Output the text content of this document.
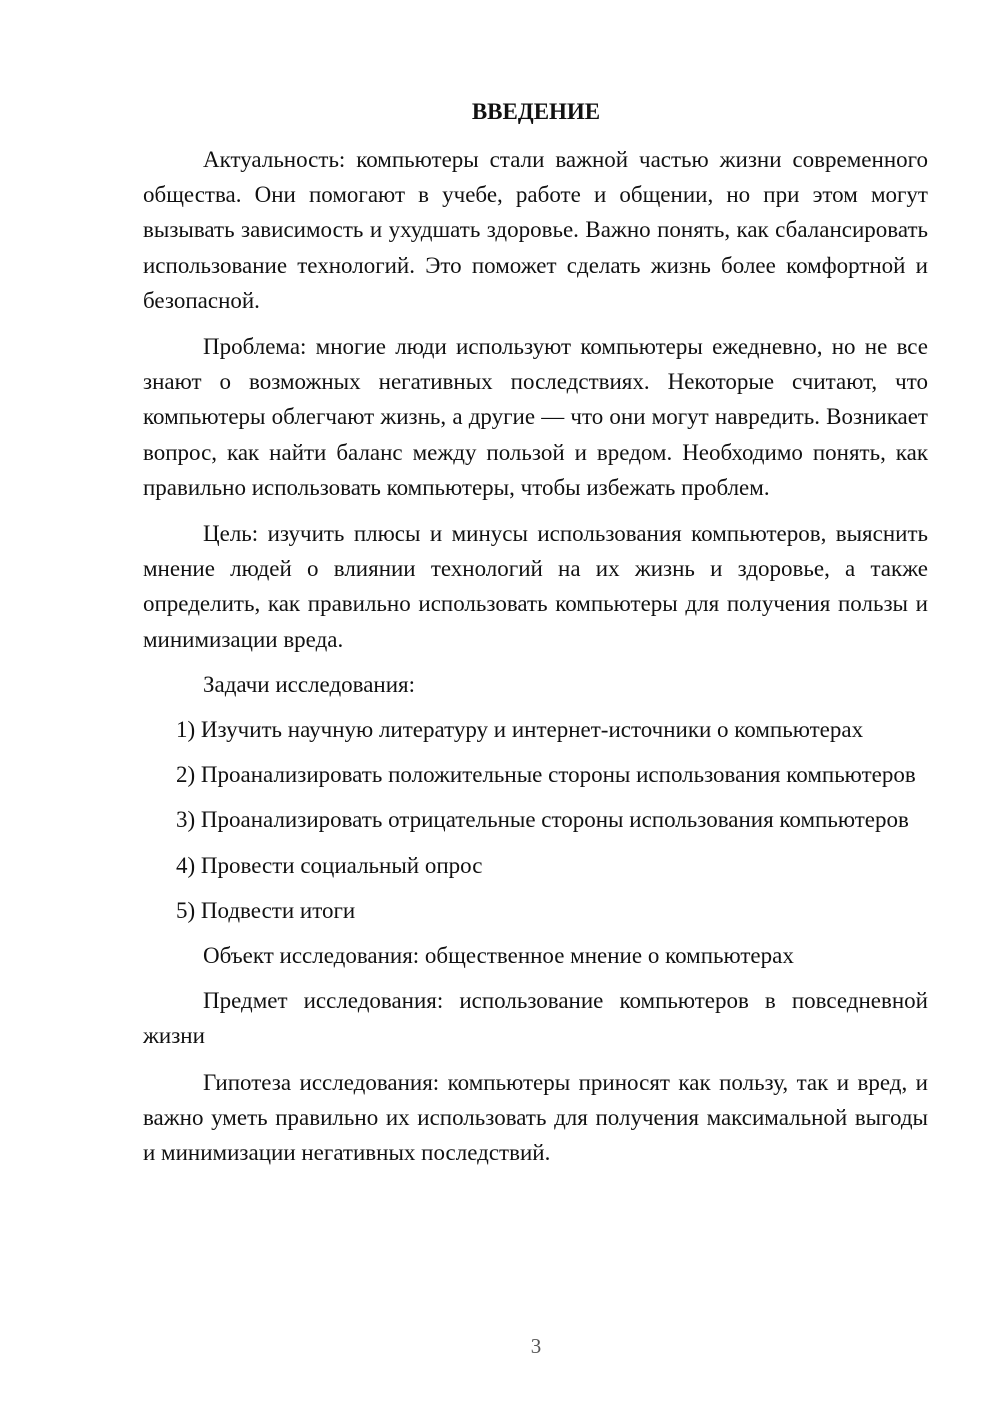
ВВЕДЕНИЕ

Актуальность: компьютеры стали важной частью жизни современного общества. Они помогают в учебе, работе и общении, но при этом могут вызывать зависимость и ухудшать здоровье. Важно понять, как сбалансировать использование технологий. Это поможет сделать жизнь более комфортной и безопасной.

Проблема: многие люди используют компьютеры ежедневно, но не все знают о возможных негативных последствиях. Некоторые считают, что компьютеры облегчают жизнь, а другие — что они могут навредить. Возникает вопрос, как найти баланс между пользой и вредом. Необходимо понять, как правильно использовать компьютеры, чтобы избежать проблем.

Цель: изучить плюсы и минусы использования компьютеров, выяснить мнение людей о влиянии технологий на их жизнь и здоровье, а также определить, как правильно использовать компьютеры для получения пользы и минимизации вреда.

Задачи исследования:

1) Изучить научную литературу и интернет-источники о компьютерах

2) Проанализировать положительные стороны использования компьютеров

3) Проанализировать отрицательные стороны использования компьютеров

4) Провести социальный опрос

5) Подвести итоги

Объект исследования: общественное мнение о компьютерах

Предмет исследования: использование компьютеров в повседневной жизни

Гипотеза исследования: компьютеры приносят как пользу, так и вред, и важно уметь правильно их использовать для получения максимальной выгоды и минимизации негативных последствий.

3
